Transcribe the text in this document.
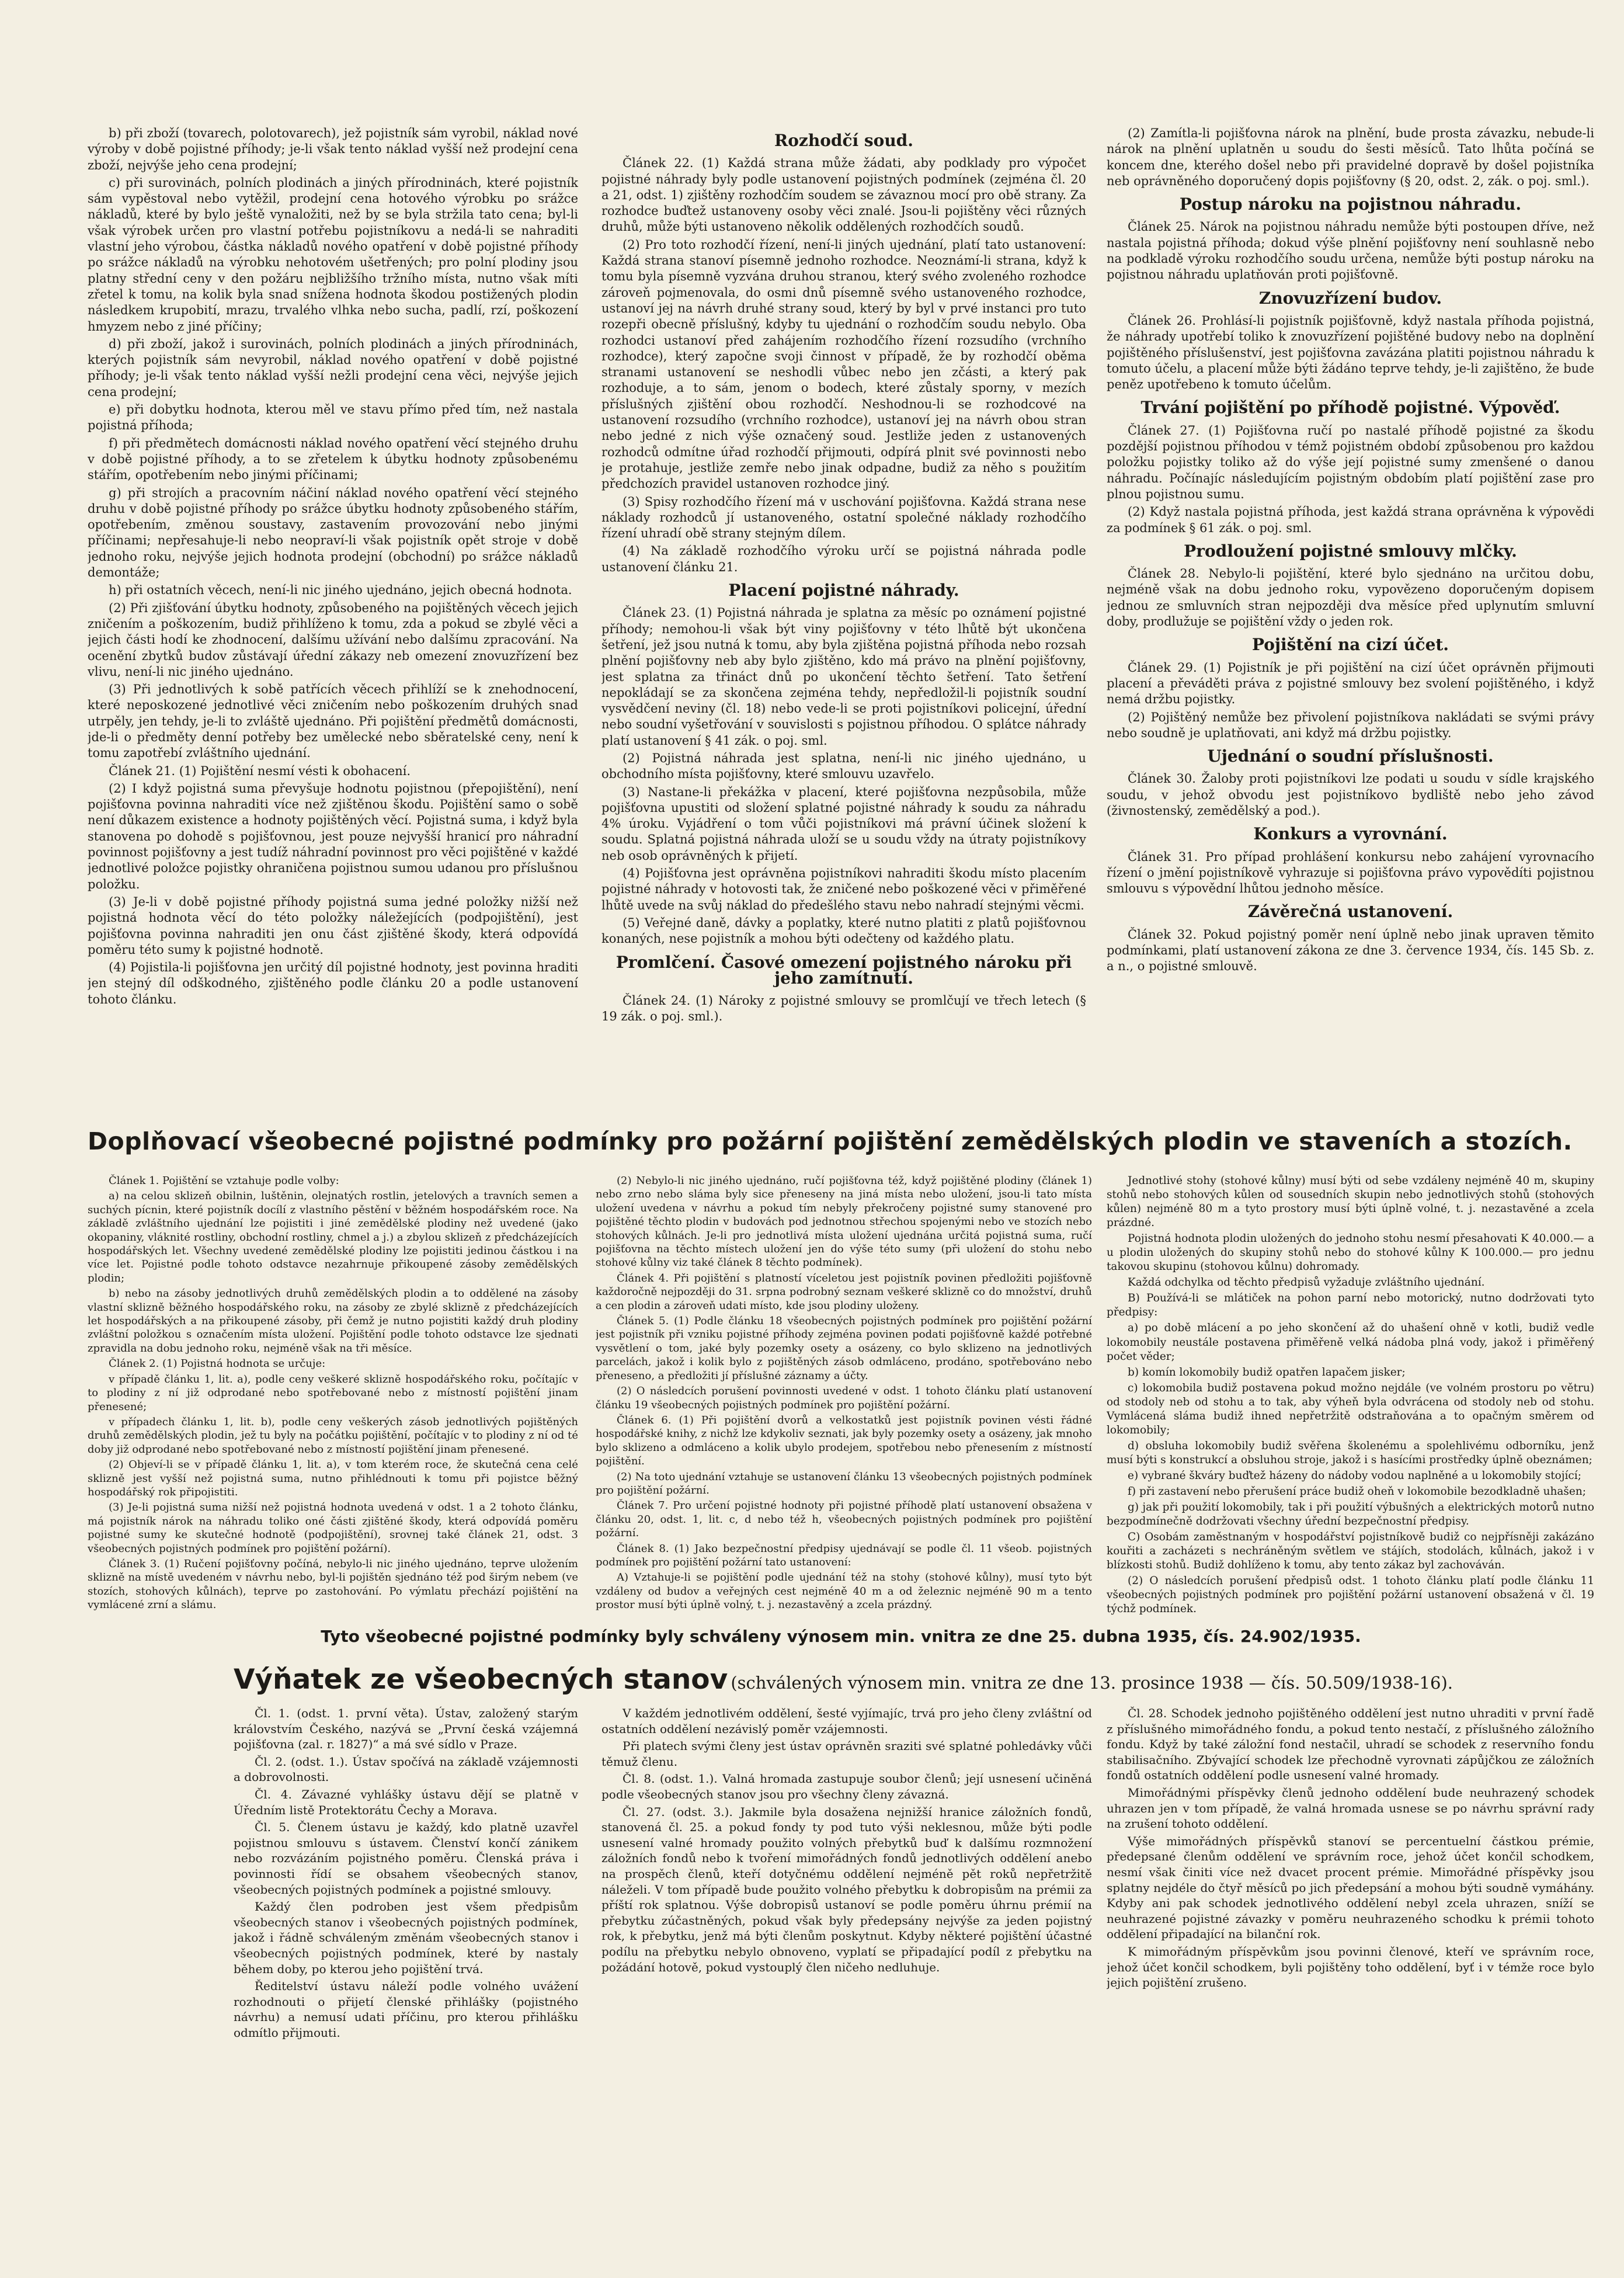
b) při zboží (tovarech, polotovarech), jež pojistník sám vyrobil, náklad nové výroby v době pojistné příhody; je-li však tento náklad vyšší než prodejní cena zboží, nejvýše jeho cena prodejní;

c) při surovinách, polních plodinách a jiných přírodninách, které pojistník sám vypěstoval nebo vytěžil, prodejní cena hotového výrobku po srážce nákladů, které by bylo ještě vynaložiti, než by se byla stržila tato cena; byl-li však výrobek určen pro vlastní potřebu pojistníkovu a nedá-li se nahraditi vlastní jeho výrobou, částka nákladů nového opatření v době pojistné příhody po srážce nákladů na výrobku nehotovém ušetřených; pro polní plodiny jsou platny střední ceny v den požáru nejbližšího tržního místa, nutno však míti zřetel k tomu, na kolik byla snad snížena hodnota škodou postižených plodin následkem krupobití, mrazu, trvalého vlhka nebo sucha, padlí, rzí, poškození hmyzem nebo z jiné příčiny;

d) při zboží, jakož i surovinách, polních plodinách a jiných přírodninách, kterých pojistník sám nevyrobil, náklad nového opatření v době pojistné příhody; je-li však tento náklad vyšší nežli prodejní cena věci, nejvýše jejich cena prodejní;

e) při dobytku hodnota, kterou měl ve stavu přímo před tím, než nastala pojistná příhoda;

f) při předmětech domácnosti náklad nového opatření věcí stejného druhu v době pojistné příhody, a to se zřetelem k úbytku hodnoty způsobenému stářím, opotřebením nebo jinými příčinami;

g) při strojích a pracovním náčiní náklad nového opatření věcí stejného druhu v době pojistné příhody po srážce úbytku hodnoty způsobeného stářím, opotřebením, změnou soustavy, zastavením provozování nebo jinými příčinami; nepřesahuje-li nebo neopraví-li však pojistník opět stroje v době jednoho roku, nejvýše jejich hodnota prodejní (obchodní) po srážce nákladů demontáže;

h) při ostatních věcech, není-li nic jiného ujednáno, jejich obecná hodnota.

(2) Při zjišťování úbytku hodnoty, způsobeného na pojištěných věcech jejich zničením a poškozením, budiž přihlíženo k tomu, zda a pokud se zbylé věci a jejich části hodí ke zhodnocení, dalšímu užívání nebo dalšímu zpracování. Na ocenění zbytků budov zůstávají úřední zákazy neb omezení znovuzřízení bez vlivu, není-li nic jiného ujednáno.

(3) Při jednotlivých k sobě patřících věcech přihlíží se k znehodnocení, které neposkozené jednotlivé věci zničením nebo poškozením druhých snad utrpěly, jen tehdy, je-li to zvláště ujednáno. Při pojištění předmětů domácnosti, jde-li o předměty denní potřeby bez umělecké nebo sběratelské ceny, není k tomu zapotřebí zvláštního ujednání.

Článek 21. (1) Pojištění nesmí vésti k obohacení.

(2) I když pojistná suma převyšuje hodnotu pojistnou (přepojištění), není pojišťovna povinna nahraditi více než zjištěnou škodu. Pojištění samo o sobě není důkazem existence a hodnoty pojištěných věcí. Pojistná suma, i když byla stanovena po dohodě s pojišťovnou, jest pouze nejvyšší hranicí pro náhradní povinnost pojišťovny a jest tudíž náhradní povinnost pro věci pojištěné v každé jednotlivé položce pojistky ohraničena pojistnou sumou udanou pro příslušnou položku.

(3) Je-li v době pojistné příhody pojistná suma jedné položky nižší než pojistná hodnota věcí do této položky náležejících (podpojištění), jest pojišťovna povinna nahraditi jen onu část zjištěné škody, která odpovídá poměru této sumy k pojistné hodnotě.

(4) Pojistila-li pojišťovna jen určitý díl pojistné hodnoty, jest povinna hraditi jen stejný díl odškodného, zjištěného podle článku 20 a podle ustanovení tohoto článku.

Rozhodčí soud.

Článek 22. (1) Každá strana může žádati, aby podklady pro výpočet pojistné náhrady byly podle ustanovení pojistných podmínek (zejména čl. 20 a 21, odst. 1) zjištěny rozhodčím soudem se závaznou mocí pro obě strany. Za rozhodce buďtež ustanoveny osoby věci znalé. Jsou-li pojištěny věci různých druhů, může býti ustanoveno několik oddělených rozhodčích soudů.

(2) Pro toto rozhodčí řízení, není-li jiných ujednání, platí tato ustanovení: Každá strana stanoví písemně jednoho rozhodce. Neoznámí-li strana, když k tomu byla písemně vyzvána druhou stranou, který svého zvoleného rozhodce zároveň pojmenovala, do osmi dnů písemně svého ustanoveného rozhodce, ustanoví jej na návrh druhé strany soud, který by byl v prvé instanci pro tuto rozepři obecně příslušný, kdyby tu ujednání o rozhodčím soudu nebylo. Oba rozhodci ustanoví před zahájením rozhodčího řízení rozsudího (vrchního rozhodce), který započne svoji činnost v případě, že by rozhodčí oběma stranami ustanovení se neshodli vůbec nebo jen zčásti, a který pak rozhoduje, a to sám, jenom o bodech, které zůstaly sporny, v mezích příslušných zjištění obou rozhodčí. Neshodnou-li se rozhodcové na ustanovení rozsudího (vrchního rozhodce), ustanoví jej na návrh obou stran nebo jedné z nich výše označený soud. Jestliže jeden z ustanovených rozhodců odmítne úřad rozhodčí přijmouti, odpírá plnit své povinnosti nebo je protahuje, jestliže zemře nebo jinak odpadne, budiž za něho s použitím předchozích pravidel ustanoven rozhodce jiný.

(3) Spisy rozhodčího řízení má v uschování pojišťovna. Každá strana nese náklady rozhodců jí ustanoveného, ostatní společné náklady rozhodčího řízení uhradí obě strany stejným dílem.

(4) Na základě rozhodčího výroku určí se pojistná náhrada podle ustanovení článku 21.

Placení pojistné náhrady.

Článek 23. (1) Pojistná náhrada je splatna za měsíc po oznámení pojistné příhody; nemohou-li však být viny pojišťovny v této lhůtě být ukončena šetření, jež jsou nutná k tomu, aby byla zjištěna pojistná příhoda nebo rozsah plnění pojišťovny neb aby bylo zjištěno, kdo má právo na plnění pojišťovny, jest splatna za třináct dnů po ukončení těchto šetření. Tato šetření nepokládají se za skončena zejména tehdy, nepředložil-li pojistník soudní vysvědčení neviny (čl. 18) nebo vede-li se proti pojistníkovi policejní, úřední nebo soudní vyšetřování v souvislosti s pojistnou příhodou. O splátce náhrady platí ustanovení § 41 zák. o poj. sml.

(2) Pojistná náhrada jest splatna, není-li nic jiného ujednáno, u obchodního místa pojišťovny, které smlouvu uzavřelo.

(3) Nastane-li překážka v placení, které pojišťovna nezpůsobila, může pojišťovna upustiti od složení splatné pojistné náhrady k soudu za náhradu 4% úroku. Vyjádření o tom vůči pojistníkovi má právní účinek složení k soudu. Splatná pojistná náhrada uloží se u soudu vždy na útraty pojistníkovy neb osob oprávněných k přijetí.

(4) Pojišťovna jest oprávněna pojistníkovi nahraditi škodu místo placením pojistné náhrady v hotovosti tak, že zničené nebo poškozené věci v přiměřené lhůtě uvede na svůj náklad do předešlého stavu nebo nahradí stejnými věcmi.

(5) Veřejné daně, dávky a poplatky, které nutno platiti z platů pojišťovnou konaných, nese pojistník a mohou býti odečteny od každého platu.

Promlčení. Časové omezení pojistného nároku při jeho zamítnutí.

Článek 24. (1) Nároky z pojistné smlouvy se promlčují ve třech letech (§ 19 zák. o poj. sml.).

(2) Zamítla-li pojišťovna nárok na plnění, bude prosta závazku, nebude-li nárok na plnění uplatněn u soudu do šesti měsíců. Tato lhůta počíná se koncem dne, kterého došel nebo při pravidelné dopravě by došel pojistníka neb oprávněného doporučený dopis pojišťovny (§ 20, odst. 2, zák. o poj. sml.).

Postup nároku na pojistnou náhradu.

Článek 25. Nárok na pojistnou náhradu nemůže býti postoupen dříve, než nastala pojistná příhoda; dokud výše plnění pojišťovny není souhlasně nebo na podkladě výroku rozhodčího soudu určena, nemůže býti postup nároku na pojistnou náhradu uplatňován proti pojišťovně.

Znovuzřízení budov.

Článek 26. Prohlásí-li pojistník pojišťovně, když nastala příhoda pojistná, že náhrady upotřebí toliko k znovuzřízení pojištěné budovy nebo na doplnění pojištěného příslušenství, jest pojišťovna zavázána platiti pojistnou náhradu k tomuto účelu, a placení může býti žádáno teprve tehdy, je-li zajištěno, že bude peněz upotřebeno k tomuto účelům.

Trvání pojištění po příhodě pojistné. Výpověď.

Článek 27. (1) Pojišťovna ručí po nastalé příhodě pojistné za škodu pozdější pojistnou příhodou v témž pojistném období způsobenou pro každou položku pojistky toliko až do výše její pojistné sumy zmenšené o danou náhradu. Počínajíc následujícím pojistným obdobím platí pojištění zase pro plnou pojistnou sumu.

(2) Když nastala pojistná příhoda, jest každá strana oprávněna k výpovědi za podmínek § 61 zák. o poj. sml.

Prodloužení pojistné smlouvy mlčky.

Článek 28. Nebylo-li pojištění, které bylo sjednáno na určitou dobu, nejméně však na dobu jednoho roku, vypovězeno doporučeným dopisem jednou ze smluvních stran nejpozději dva měsíce před uplynutím smluvní doby, prodlužuje se pojištění vždy o jeden rok.

Pojištění na cizí účet.

Článek 29. (1) Pojistník je při pojištění na cizí účet oprávněn přijmouti placení a převáděti práva z pojistné smlouvy bez svolení pojištěného, i když nemá držbu pojistky.

(2) Pojištěný nemůže bez přivolení pojistníkova nakládati se svými právy nebo soudně je uplatňovati, ani když má držbu pojistky.

Ujednání o soudní příslušnosti.

Článek 30. Žaloby proti pojistníkovi lze podati u soudu v sídle krajského soudu, v jehož obvodu jest pojistníkovo bydliště nebo jeho závod (živnostenský, zemědělský a pod.).

Konkurs a vyrovnání.

Článek 31. Pro případ prohlášení konkursu nebo zahájení vyrovnacího řízení o jmění pojistníkově vyhrazuje si pojišťovna právo vypovědíti pojistnou smlouvu s výpovědní lhůtou jednoho měsíce.

Závěrečná ustanovení.

Článek 32. Pokud pojistný poměr není úplně nebo jinak upraven těmito podmínkami, platí ustanovení zákona ze dne 3. července 1934, čís. 145 Sb. z. a n., o pojistné smlouvě.

Doplňovací všeobecné pojistné podmínky pro požární pojištění zemědělských plodin ve staveních a stozích.

Článek 1. Pojištění se vztahuje podle volby:

a) na celou sklizeň obilnin, luštěnin, olejnatých rostlin, jetelových a travních semen a suchých pícnin, které pojistník docílí z vlastního pěstění v běžném hospodářském roce. Na základě zvláštního ujednání lze pojistiti i jiné zemědělské plodiny než uvedené (jako okopaniny, vláknité rostliny, obchodní rostliny, chmel a j.) a zbylou sklizeň z předcházejících hospodářských let. Všechny uvedené zemědělské plodiny lze pojistiti jedinou částkou i na více let. Pojistné podle tohoto odstavce nezahrnuje přikoupené zásoby zemědělských plodin;

b) nebo na zásoby jednotlivých druhů zemědělských plodin a to oddělené na zásoby vlastní sklizně běžného hospodářského roku, na zásoby ze zbylé sklizně z předcházejících let hospodářských a na přikoupené zásoby, při čemž je nutno pojistiti každý druh plodiny zvláštní položkou s označením místa uložení. Pojištění podle tohoto odstavce lze sjednati zpravidla na dobu jednoho roku, nejméně však na tři měsíce.

Článek 2. (1) Pojistná hodnota se určuje:

v případě článku 1, lit. a), podle ceny veškeré sklizně hospodářského roku, počítajíc v to plodiny z ní již odprodané nebo spotřebované nebo z místností pojištění jinam přenesené;

v případech článku 1, lit. b), podle ceny veškerých zásob jednotlivých pojištěných druhů zemědělských plodin, jež tu byly na počátku pojištění, počítajíc v to plodiny z ní od té doby již odprodané nebo spotřebované nebo z místností pojištění jinam přenesené.

(2) Objeví-li se v případě článku 1, lit. a), v tom kterém roce, že skutečná cena celé sklizně jest vyšší než pojistná suma, nutno přihlédnouti k tomu při pojistce běžný hospodářský rok připojistiti.

(3) Je-li pojistná suma nižší než pojistná hodnota uvedená v odst. 1 a 2 tohoto článku, má pojistník nárok na náhradu toliko oné části zjištěné škody, která odpovídá poměru pojistné sumy ke skutečné hodnotě (podpojištění), srovnej také článek 21, odst. 3 všeobecných pojistných podmínek pro pojištění požární).

Článek 3. (1) Ručení pojišťovny počíná, nebylo-li nic jiného ujednáno, teprve uložením sklizně na místě uvedeném v návrhu nebo, byl-li pojištěn sjednáno též pod širým nebem (ve stozích, stohových kůlnách), teprve po zastohování. Po výmlatu přechází pojištění na vymlácené zrní a slámu.

(2) Nebylo-li nic jiného ujednáno, ručí pojišťovna též, když pojištěné plodiny (článek 1) nebo zrno nebo sláma byly sice přeneseny na jiná místa nebo uložení, jsou-li tato místa uložení uvedena v návrhu a pokud tím nebyly překročeny pojistné sumy stanovené pro pojištěné těchto plodin v budovách pod jednotnou střechou spojenými nebo ve stozích nebo stohových kůlnách. Je-li pro jednotlivá místa uložení ujednána určitá pojistná suma, ručí pojišťovna na těchto místech uložení jen do výše této sumy (při uložení do stohu nebo stohové kůlny viz také článek 8 těchto podmínek).

Článek 4. Při pojištění s platností víceletou jest pojistník povinen předložiti pojišťovně každoročně nejpozději do 31. srpna podrobný seznam veškeré sklizně co do množství, druhů a cen plodin a zároveň udati místo, kde jsou plodiny uloženy.

Článek 5. (1) Podle článku 18 všeobecných pojistných podmínek pro pojištění požární jest pojistník při vzniku pojistné příhody zejména povinen podati pojišťovně každé potřebné vysvětlení o tom, jaké byly pozemky osety a osázeny, co bylo sklizeno na jednotlivých parcelách, jakož i kolik bylo z pojištěných zásob odmláceno, prodáno, spotřebováno nebo přeneseno, a předložiti jí příslušné záznamy a účty.

(2) O následcích porušení povinnosti uvedené v odst. 1 tohoto článku platí ustanovení článku 19 všeobecných pojistných podmínek pro pojištění požární.

Článek 6. (1) Při pojištění dvorů a velkostatků jest pojistník povinen vésti řádné hospodářské knihy, z nichž lze kdykoliv seznati, jak byly pozemky osety a osázeny, jak mnoho bylo sklizeno a odmláceno a kolik ubylo prodejem, spotřebou nebo přenesením z místností pojištění.

(2) Na toto ujednání vztahuje se ustanovení článku 13 všeobecných pojistných podmínek pro pojištění požární.

Článek 7. Pro určení pojistné hodnoty při pojistné příhodě platí ustanovení obsažena v článku 20, odst. 1, lit. c, d nebo též h, všeobecných pojistných podmínek pro pojištění požární.

Článek 8. (1) Jako bezpečnostní předpisy ujednávají se podle čl. 11 všeob. pojistných podmínek pro pojištění požární tato ustanovení:

A) Vztahuje-li se pojištění podle ujednání též na stohy (stohové kůlny), musí tyto být vzdáleny od budov a veřejných cest nejméně 40 m a od železnic nejméně 90 m a tento prostor musí býti úplně volný, t. j. nezastavěný a zcela prázdný.

Jednotlivé stohy (stohové kůlny) musí býti od sebe vzdáleny nejméně 40 m, skupiny stohů nebo stohových kůlen od sousedních skupin nebo jednotlivých stohů (stohových kůlen) nejméně 80 m a tyto prostory musí býti úplně volné, t. j. nezastavěné a zcela prázdné.

Pojistná hodnota plodin uložených do jednoho stohu nesmí přesahovati K 40.000.— a u plodin uložených do skupiny stohů nebo do stohové kůlny K 100.000.— pro jednu takovou skupinu (stohovou kůlnu) dohromady.

Každá odchylka od těchto předpisů vyžaduje zvláštního ujednání.

B) Používá-li se mlátiček na pohon parní nebo motorický, nutno dodržovati tyto předpisy:

a) po době mlácení a po jeho skončení až do uhašení ohně v kotli, budiž vedle lokomobily neustále postavena přiměřeně velká nádoba plná vody, jakož i přiměřený počet věder;

b) komín lokomobily budiž opatřen lapačem jisker;

c) lokomobila budiž postavena pokud možno nejdále (ve volném prostoru po větru) od stodoly neb od stohu a to tak, aby výheň byla odvrácena od stodoly neb od stohu. Vymlácená sláma budiž ihned nepřetržitě odstraňována a to opačným směrem od lokomobily;

d) obsluha lokomobily budiž svěřena školenému a spolehlivému odborníku, jenž musí býti s konstrukcí a obsluhou stroje, jakož i s hasícími prostředky úplně obeznámen;

e) vybrané škváry buďtež házeny do nádoby vodou naplněné a u lokomobily stojící;

f) při zastavení nebo přerušení práce budiž oheň v lokomobile bezodkladně uhašen;

g) jak při použití lokomobily, tak i při použití výbušných a elektrických motorů nutno bezpodmínečně dodržovati všechny úřední bezpečnostní předpisy.

C) Osobám zaměstnaným v hospodářství pojistníkově budiž co nejpřísněji zakázáno kouřiti a zacházeti s nechráněným světlem ve stájích, stodolách, kůlnách, jakož i v blízkosti stohů. Budiž dohlíženo k tomu, aby tento zákaz byl zachováván.

(2) O následcích porušení předpisů odst. 1 tohoto článku platí podle článku 11 všeobecných pojistných podmínek pro pojištění požární ustanovení obsažená v čl. 19 týchž podmínek.

Tyto všeobecné pojistné podmínky byly schváleny výnosem min. vnitra ze dne 25. dubna 1935, čís. 24.902/1935.
Výňatek ze všeobecných stanov (schválených výnosem min. vnitra ze dne 13. prosince 1938 — čís. 50.509/1938-16).

Čl. 1. (odst. 1. první věta). Ústav, založený starým královstvím Českého, nazývá se „První česká vzájemná pojišťovna (zal. r. 1827)“ a má své sídlo v Praze.

Čl. 2. (odst. 1.). Ústav spočívá na základě vzájemnosti a dobrovolnosti.

Čl. 4. Závazné vyhlášky ústavu dějí se platně v Úředním listě Protektorátu Čechy a Morava.

Čl. 5. Členem ústavu je každý, kdo platně uzavřel pojistnou smlouvu s ústavem. Členství končí zánikem nebo rozvázáním pojistného poměru. Členská práva i povinnosti řídí se obsahem všeobecných stanov, všeobecných pojistných podmínek a pojistné smlouvy.

Každý člen podroben jest všem předpisům všeobecných stanov i všeobecných pojistných podmínek, jakož i řádně schváleným změnám všeobecných stanov i všeobecných pojistných podmínek, které by nastaly během doby, po kterou jeho pojištění trvá.

Ředitelství ústavu náleží podle volného uvážení rozhodnouti o přijetí členské přihlášky (pojistného návrhu) a nemusí udati příčinu, pro kterou přihlášku odmítlo přijmouti.

V každém jednotlivém oddělení, šesté vyjímajíc, trvá pro jeho členy zvláštní od ostatních oddělení nezávislý poměr vzájemnosti.

Při platech svými členy jest ústav oprávněn sraziti své splatné pohledávky vůči těmuž členu.

Čl. 8. (odst. 1.). Valná hromada zastupuje soubor členů; její usnesení učiněná podle všeobecných stanov jsou pro všechny členy závazná.

Čl. 27. (odst. 3.). Jakmile byla dosažena nejnižší hranice záložních fondů, stanovená čl. 25. a pokud fondy ty pod tuto výši neklesnou, může býti podle usnesení valné hromady použito volných přebytků buď k dalšímu rozmnožení záložních fondů nebo k tvoření mimořádných fondů jednotlivých oddělení anebo na prospěch členů, kteří dotyčnému oddělení nejméně pět roků nepřetržitě náleželi. V tom případě bude použito volného přebytku k dobropisům na prémii za příští rok splatnou. Výše dobropisů ustanoví se podle poměru úhrnu prémií na přebytku zúčastněných, pokud však byly předepsány nejvýše za jeden pojistný rok, k přebytku, jenž má býti členům poskytnut. Kdyby některé pojištění účastné podílu na přebytku nebylo obnoveno, vyplatí se připadající podíl z přebytku na požádání hotově, pokud vystouplý člen ničeho nedluhuje.

Čl. 28. Schodek jednoho pojištěného oddělení jest nutno uhraditi v první řadě z příslušného mimořádného fondu, a pokud tento nestačí, z příslušného záložního fondu. Když by také záložní fond nestačil, uhradí se schodek z reservního fondu stabilisačního. Zbývající schodek lze přechodně vyrovnati zápůjčkou ze záložních fondů ostatních oddělení podle usnesení valné hromady.

Mimořádnými příspěvky členů jednoho oddělení bude neuhrazený schodek uhrazen jen v tom případě, že valná hromada usnese se po návrhu správní rady na zrušení tohoto oddělení.

Výše mimořádných příspěvků stanoví se percentuelní částkou prémie, předepsané členům oddělení ve správním roce, jehož účet končil schodkem, nesmí však činiti více než dvacet procent prémie. Mimořádné příspěvky jsou splatny nejdéle do čtyř měsíců po jich předepsání a mohou býti soudně vymáhány. Kdyby ani pak schodek jednotlivého oddělení nebyl zcela uhrazen, sníží se neuhrazené pojistné závazky v poměru neuhrazeného schodku k prémii tohoto oddělení připadající na bilanční rok.

K mimořádným příspěvkům jsou povinni členové, kteří ve správním roce, jehož účet končil schodkem, byli pojištěny toho oddělení, byť i v témže roce bylo jejich pojištění zrušeno.
